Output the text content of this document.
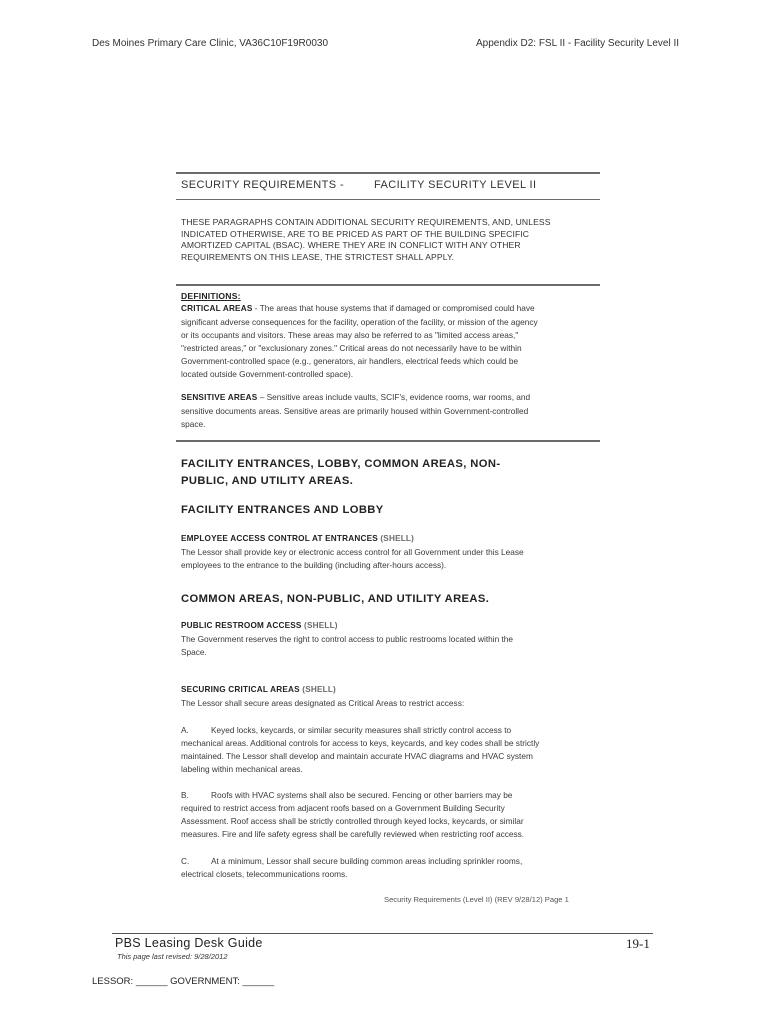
Des Moines Primary Care Clinic, VA36C10F19R0030	Appendix D2: FSL II - Facility Security Level II
SECURITY REQUIREMENTS -	FACILITY SECURITY LEVEL II
THESE PARAGRAPHS CONTAIN ADDITIONAL SECURITY REQUIREMENTS, AND, UNLESS
INDICATED OTHERWISE, ARE TO BE PRICED AS PART OF THE BUILDING SPECIFIC
AMORTIZED CAPITAL (BSAC). WHERE THEY ARE IN CONFLICT WITH ANY OTHER
REQUIREMENTS ON THIS LEASE, THE STRICTEST SHALL APPLY.
DEFINITIONS:
CRITICAL AREAS - The areas that house systems that if damaged or compromised could have
significant adverse consequences for the facility, operation of the facility, or mission of the agency
or its occupants and visitors. These areas may also be referred to as "limited access areas,"
"restricted areas," or "exclusionary zones." Critical areas do not necessarily have to be within
Government-controlled space (e.g., generators, air handlers, electrical feeds which could be
located outside Government-controlled space).
SENSITIVE AREAS – Sensitive areas include vaults, SCIF's, evidence rooms, war rooms, and
sensitive documents areas. Sensitive areas are primarily housed within Government-controlled
space.
FACILITY ENTRANCES, LOBBY, COMMON AREAS, NON-
PUBLIC, AND UTILITY AREAS.
FACILITY ENTRANCES AND LOBBY
EMPLOYEE ACCESS CONTROL AT ENTRANCES (SHELL)
The Lessor shall provide key or electronic access control for all Government under this Lease
employees to the entrance to the building (including after-hours access).
COMMON AREAS, NON-PUBLIC, AND UTILITY AREAS.
PUBLIC RESTROOM ACCESS (SHELL)
The Government reserves the right to control access to public restrooms located within the
Space.
SECURING CRITICAL AREAS (SHELL)
The Lessor shall secure areas designated as Critical Areas to restrict access:
A.	Keyed locks, keycards, or similar security measures shall strictly control access to
mechanical areas. Additional controls for access to keys, keycards, and key codes shall be strictly
maintained. The Lessor shall develop and maintain accurate HVAC diagrams and HVAC system
labeling within mechanical areas.
B.	Roofs with HVAC systems shall also be secured. Fencing or other barriers may be
required to restrict access from adjacent roofs based on a Government Building Security
Assessment. Roof access shall be strictly controlled through keyed locks, keycards, or similar
measures. Fire and life safety egress shall be carefully reviewed when restricting roof access.
C.	At a minimum, Lessor shall secure building common areas including sprinkler rooms,
electrical closets, telecommunications rooms.
Security Requirements (Level II) (REV 9/28/12) Page 1
PBS Leasing Desk Guide
This page last revised: 9/28/2012
19-1
LESSOR: ______ GOVERNMENT: ______
